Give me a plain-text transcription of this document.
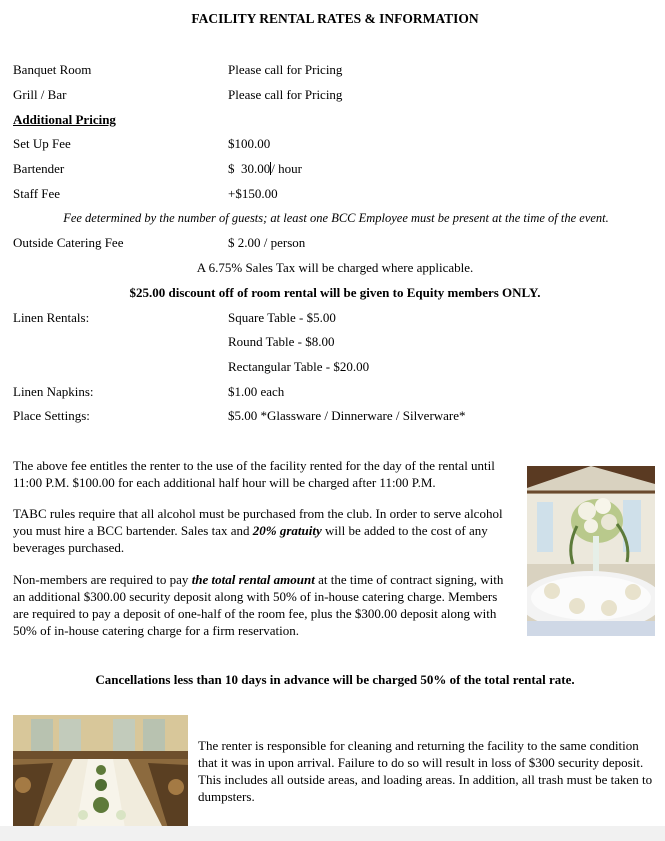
FACILITY RENTAL RATES & INFORMATION
Banquet Room	Please call for Pricing
Grill / Bar	Please call for Pricing
Additional Pricing
Set Up Fee	$100.00
Bartender	$  30.00/ hour
Staff Fee	+$150.00
Fee determined by the number of guests; at least one BCC Employee must be present at the time of the event.
Outside Catering Fee	$ 2.00 / person
A 6.75% Sales Tax will be charged where applicable.
$25.00 discount off of room rental will be given to Equity members ONLY.
Linen Rentals:	Square Table - $5.00
Round Table - $8.00
Rectangular Table - $20.00
Linen Napkins:	$1.00 each
Place Settings:	$5.00 *Glassware / Dinnerware / Silverware*

The above fee entitles the renter to the use of the facility rented for the day of the rental until 11:00 P.M. $100.00 for each additional half hour will be charged after 11:00 P.M.

TABC rules require that all alcohol must be purchased from the club. In order to serve alcohol you must hire a BCC bartender. Sales tax and 20% gratuity will be added to the cost of any beverages purchased.

Non-members are required to pay the total rental amount at the time of contract signing, with an additional $300.00 security deposit along with 50% of in-house catering charge. Members are required to pay a deposit of one-half of the room fee, plus the $300.00 deposit along with 50% of in-house catering charge for a firm reservation.

Cancellations less than 10 days in advance will be charged 50% of the total rental rate.

The renter is responsible for cleaning and returning the facility to the same condition that it was in upon arrival. Failure to do so will result in loss of $300 security deposit. This includes all outside areas, and loading areas. In addition, all trash must be taken to dumpsters.
